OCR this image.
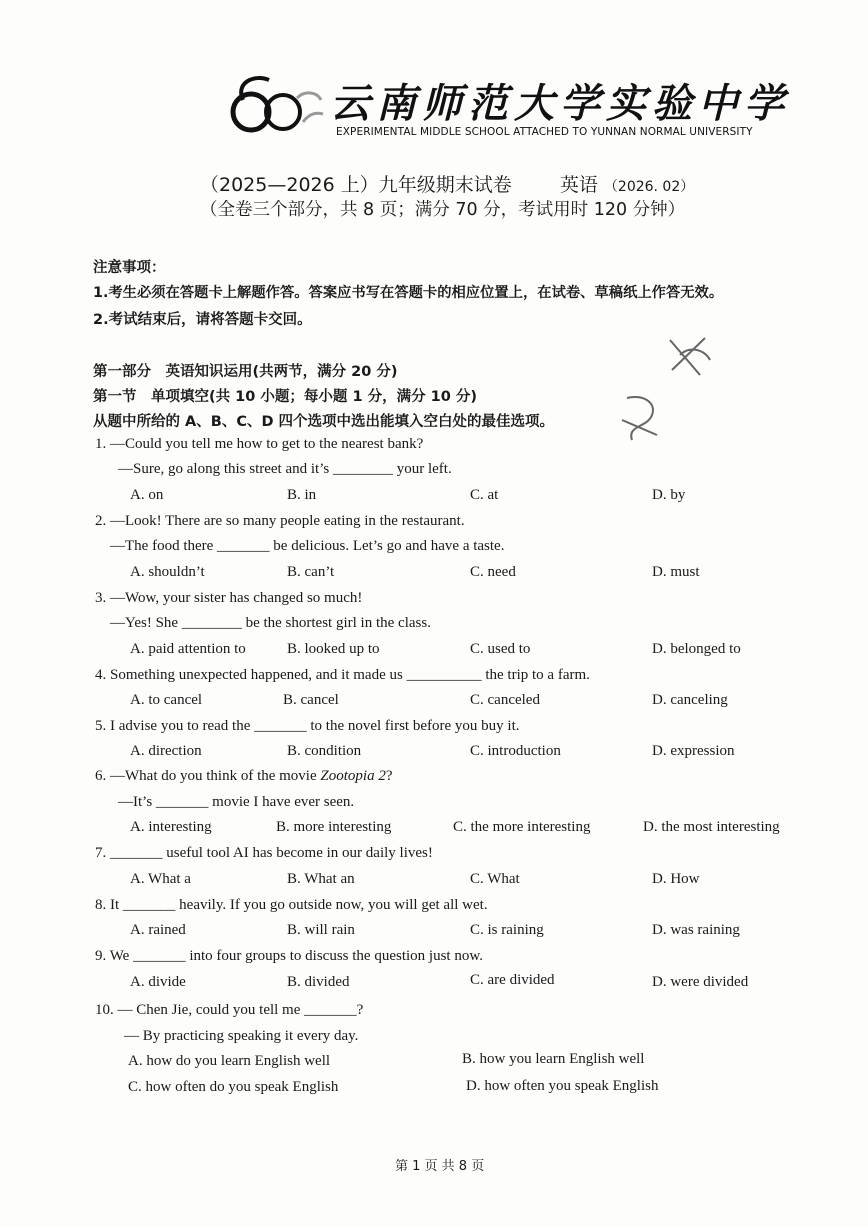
云南师范大学实验中学
EXPERIMENTAL MIDDLE SCHOOL ATTACHED TO YUNNAN NORMAL UNIVERSITY
（2025—2026 上）九年级期末试卷	英语 （2026. 02）
（全卷三个部分，共 8 页；满分 70 分，考试用时 120 分钟）
注意事项：
1.考生必须在答题卡上解题作答。答案应书写在答题卡的相应位置上，在试卷、草稿纸上作答无效。
2.考试结束后，请将答题卡交回。
第一部分　英语知识运用(共两节，满分 20 分)
第一节　单项填空(共 10 小题；每小题 1 分，满分 10 分)
从题中所给的 A、B、C、D 四个选项中选出能填入空白处的最佳选项。
1. —Could you tell me how to get to the nearest bank?
—Sure, go along this street and it’s ________ your left.
A. on	B. in	C. at	D. by
2. —Look! There are so many people eating in the restaurant.
—The food there _______ be delicious. Let’s go and have a taste.
A. shouldn’t	B. can’t	C. need	D. must
3. —Wow, your sister has changed so much!
—Yes! She ________ be the shortest girl in the class.
A. paid attention to	B. looked up to	C. used to	D. belonged to
4. Something unexpected happened, and it made us __________ the trip to a farm.
A. to cancel	B. cancel	C. canceled	D. canceling
5. I advise you to read the _______ to the novel first before you buy it.
A. direction	B. condition	C. introduction	D. expression
6. —What do you think of the movie Zootopia 2?
—It’s _______ movie I have ever seen.
A. interesting	B. more interesting	C. the more interesting	D. the most interesting
7. _______ useful tool AI has become in our daily lives!
A. What a	B. What an	C. What	D. How
8. It _______ heavily. If you go outside now, you will get all wet.
A. rained	B. will rain	C. is raining	D. was raining
9. We _______ into four groups to discuss the question just now.
A. divide	B. divided	C. are divided	D. were divided
10. — Chen Jie, could you tell me _______?
— By practicing speaking it every day.
A. how do you learn English well	B. how you learn English well
C. how often do you speak English	D. how often you speak English
第 1 页 共 8 页
